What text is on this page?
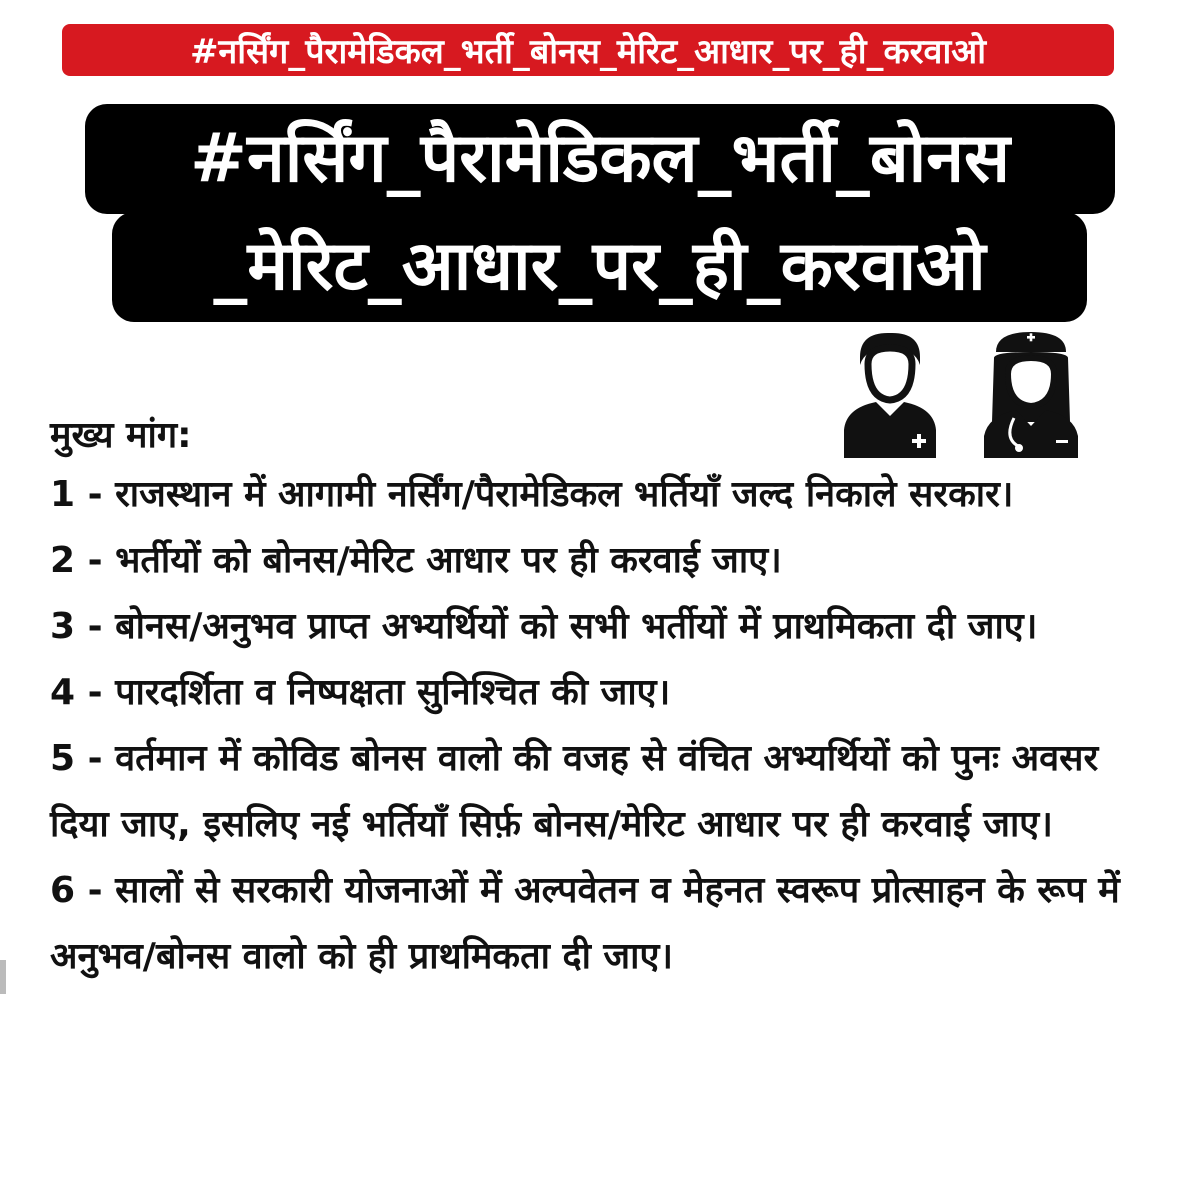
#नर्सिंग_पैरामेडिकल_भर्ती_बोनस_मेरिट_आधार_पर_ही_करवाओ
#नर्सिंग_पैरामेडिकल_भर्ती_बोनस
_मेरिट_आधार_पर_ही_करवाओ
मुख्य मांग:
1 - राजस्थान में आगामी नर्सिंग/पैरामेडिकल भर्तियाँ जल्द निकाले सरकार।
2 - भर्तीयों को बोनस/मेरिट आधार पर ही करवाई जाए।
3 - बोनस/अनुभव प्राप्त अभ्यर्थियों को सभी भर्तीयों में प्राथमिकता दी जाए।
4 - पारदर्शिता व निष्पक्षता सुनिश्चित की जाए।
5 - वर्तमान में कोविड बोनस वालो की वजह से वंचित अभ्यर्थियों को पुनः अवसर दिया जाए, इसलिए नई भर्तियाँ सिर्फ़ बोनस/मेरिट आधार पर ही करवाई जाए।
6 - सालों से सरकारी योजनाओं में अल्पवेतन व मेहनत स्वरूप प्रोत्साहन के रूप में अनुभव/बोनस वालो को ही प्राथमिकता दी जाए।
